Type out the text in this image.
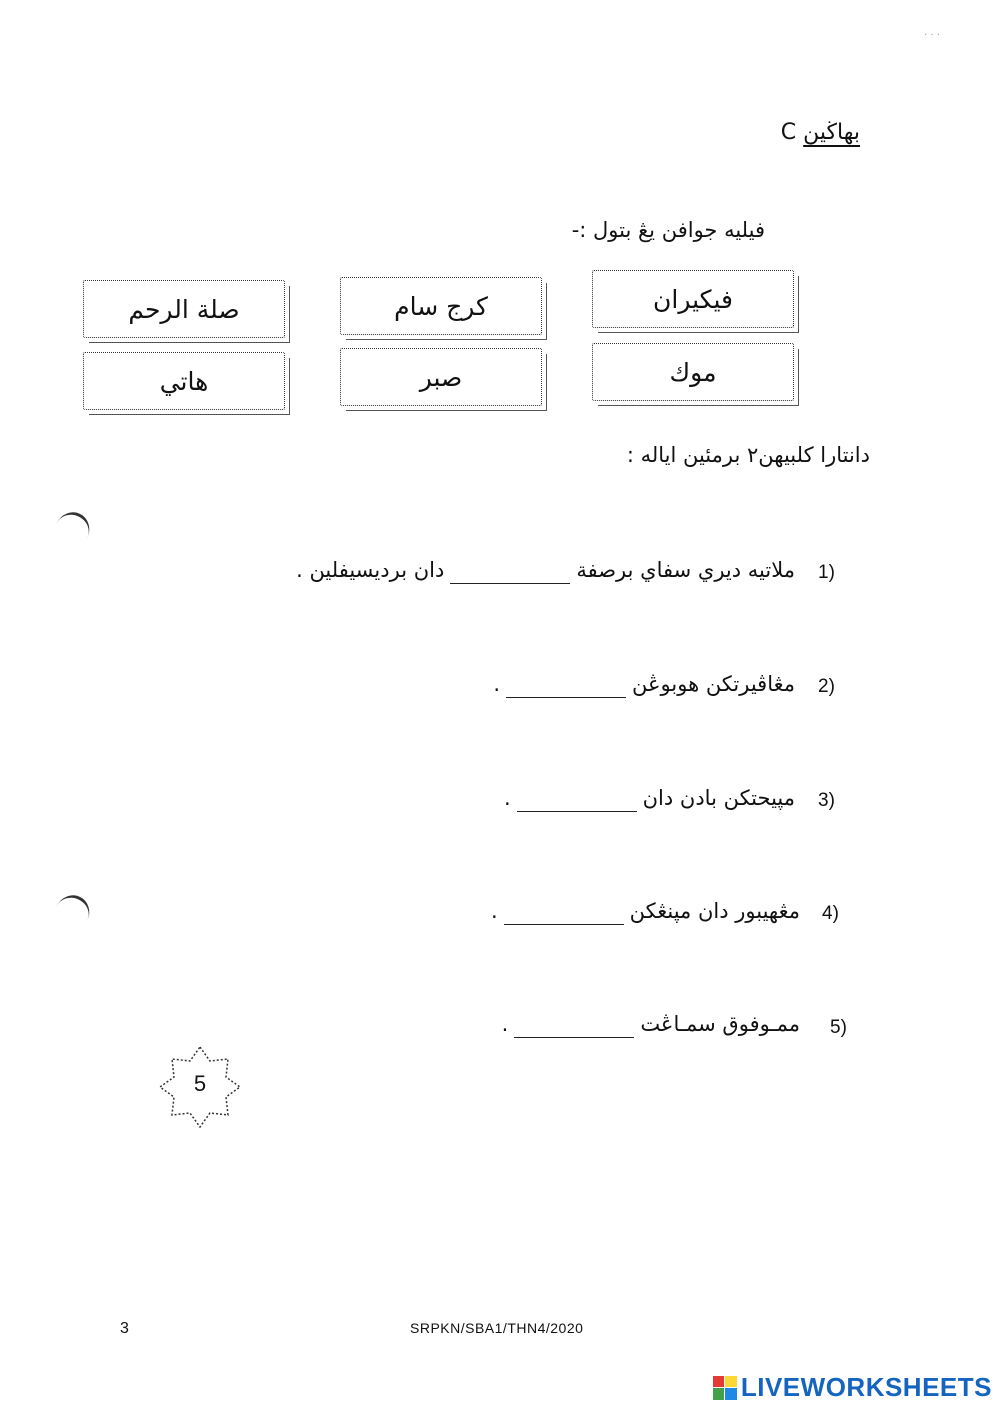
· · ·
بهاڬين C
فيليه جوافن يڠ بتول :-
فيكيران
كرج سام
صلة الرحم
موك
صبر
هاتي
دانتارا كلبيهن٢ برمئين اياله :
1)
ملاتيه ديري سفاي برصفة
دان برديسيفلين .
2)
مڠاڤيرتكن هوبوڠن
.
3)
مپيحتكن بادن دان
.
4)
مڠهيبور دان مپنڠكن
.
5)
ممـوفوق سمـاڠت
.
5
3	SRPKN/SBA1/THN4/2020
LIVEWORKSHEETS
